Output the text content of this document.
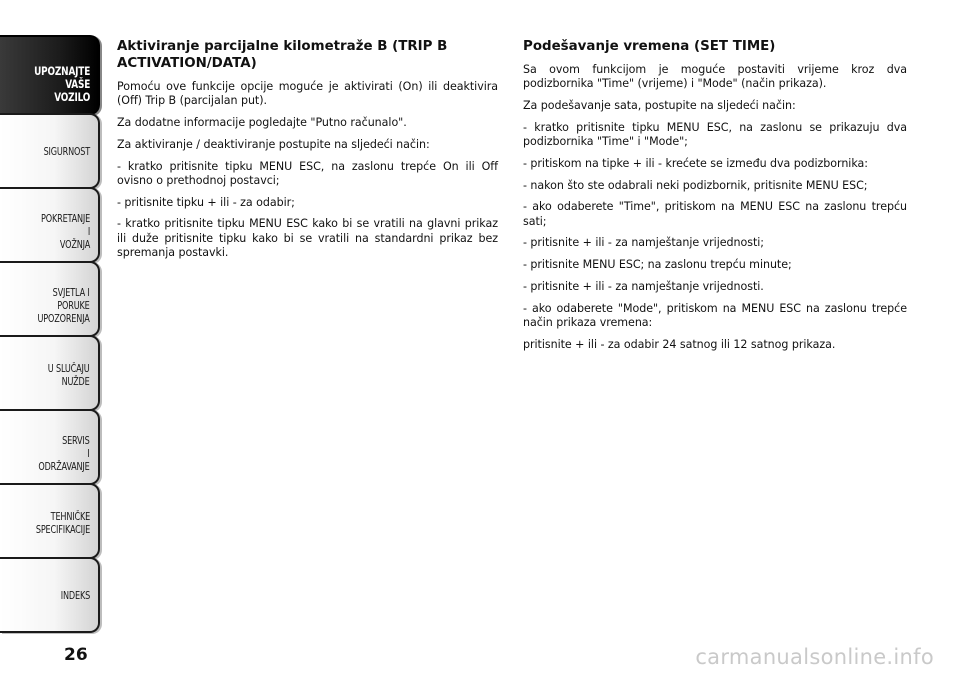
UPOZNAJTE
VAŠE
VOZILO
SIGURNOST
POKRETANJE
I
VOŽNJA
SVJETLA I
PORUKE
UPOZORENJA
U SLUČAJU
NUŽDE
SERVIS
I
ODRŽAVANJE
TEHNIČKE
SPECIFIKACIJE
INDEKS
26
Aktiviranje parcijalne kilometraže B (TRIP B ACTIVATION/DATA)

Pomoću ove funkcije opcije moguće je aktivirati (On) ili deaktivira (Off) Trip B (parcijalan put).

Za dodatne informacije pogledajte "Putno računalo".

Za aktiviranje / deaktiviranje postupite na sljedeći način:

- kratko pritisnite tipku MENU ESC, na zaslonu trepće On ili Off ovisno o prethodnoj postavci;

- pritisnite tipku + ili - za odabir;

- kratko pritisnite tipku MENU ESC kako bi se vratili na glavni prikaz ili duže pritisnite tipku kako bi se vratili na standardni prikaz bez spremanja postavki.

Podešavanje vremena (SET TIME)

Sa ovom funkcijom je moguće postaviti vrijeme kroz dva podizbornika "Time" (vrijeme) i "Mode" (način prikaza).

Za podešavanje sata, postupite na sljedeći način:

- kratko pritisnite tipku MENU ESC, na zaslonu se prikazuju dva podizbornika "Time" i "Mode";

- pritiskom na tipke + ili - krećete se između dva podizbornika:

- nakon što ste odabrali neki podizbornik, pritisnite MENU ESC;

- ako odaberete "Time", pritiskom na MENU ESC na zaslonu trepću sati;

- pritisnite + ili - za namještanje vrijednosti;

- pritisnite MENU ESC; na zaslonu trepću minute;

- pritisnite + ili - za namještanje vrijednosti.

- ako odaberete "Mode", pritiskom na MENU ESC na zaslonu trepće način prikaza vremena:

pritisnite + ili - za odabir 24 satnog ili 12 satnog prikaza.

carmanualsonline.info
